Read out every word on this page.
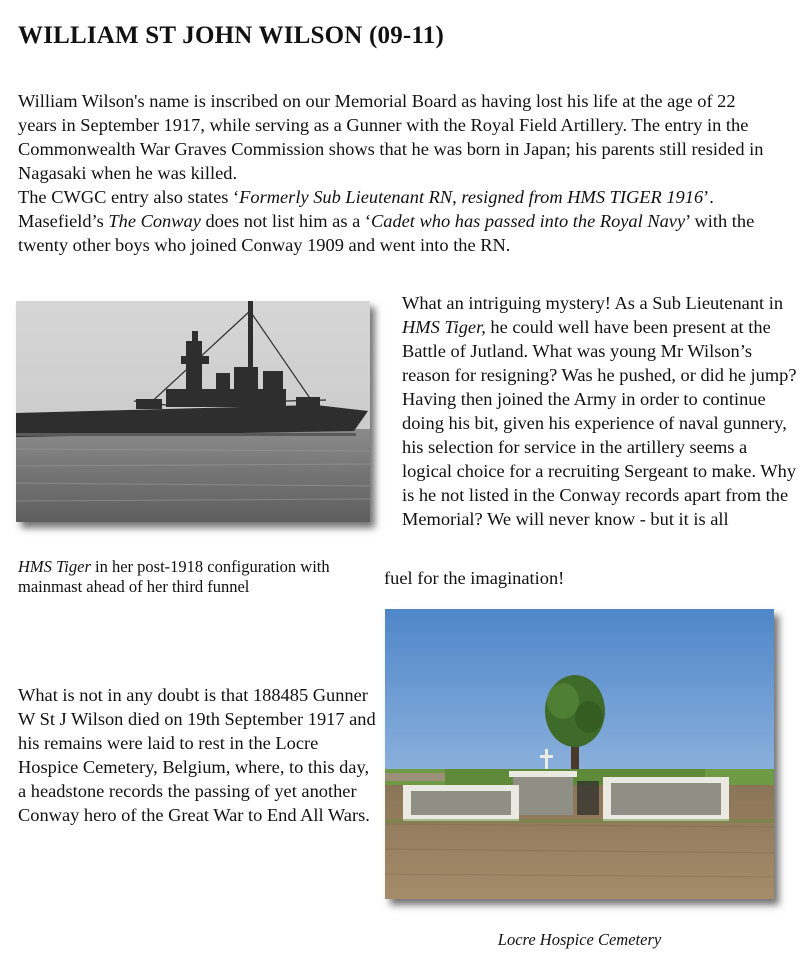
WILLIAM ST JOHN WILSON (09-11)

William Wilson's name is inscribed on our Memorial Board as having lost his life at the age of 22 years in September 1917, while serving as a Gunner with the Royal Field Artillery. The entry in the Commonwealth War Graves Commission shows that he was born in Japan; his parents still resided in Nagasaki when he was killed.

The CWGC entry also states ‘Formerly Sub Lieutenant RN, resigned from HMS TIGER 1916’. Masefield’s The Conway does not list him as a ‘Cadet who has passed into the Royal Navy’ with the twenty other boys who joined Conway 1909 and went into the RN.

HMS Tiger in her post-1918 configuration with mainmast ahead of her third funnel

What an intriguing mystery! As a Sub Lieutenant in HMS Tiger, he could well have been present at the Battle of Jutland. What was young Mr Wilson’s reason for resigning? Was he pushed, or did he jump? Having then joined the Army in order to continue doing his bit, given his experience of naval gunnery, his selection for service in the artillery seems a logical choice for a recruiting Sergeant to make. Why is he not listed in the Conway records apart from the Memorial? We will never know - but it is all

fuel for the imagination!

What is not in any doubt is that 188485 Gunner W St J Wilson died on 19th September 1917 and his remains were laid to rest in the Locre Hospice Cemetery, Belgium, where, to this day, a headstone records the passing of yet another Conway hero of the Great War to End All Wars.

Locre Hospice Cemetery
